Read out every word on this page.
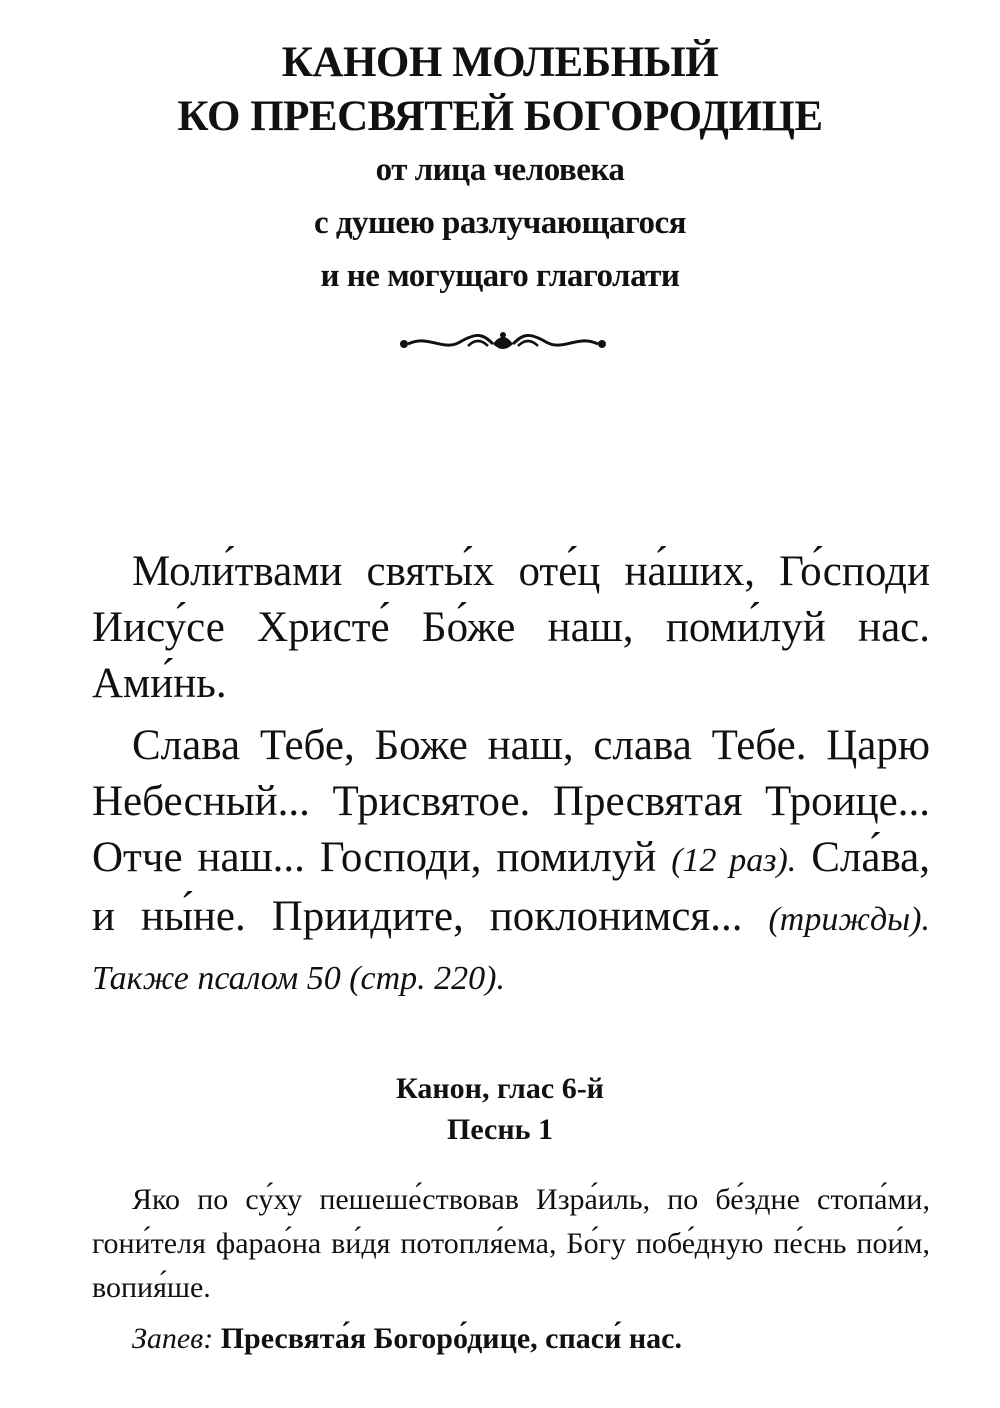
КАНОН МОЛЕБНЫЙ
КО ПРЕСВЯТЕЙ БОГОРОДИЦЕ
от лица человека
с душею разлучающагося
и не могущаго глаголати
Моли́твами святы́х оте́ц на́ших, Го́споди Иису́се Христе́ Бо́же наш, поми́луй нас. Ами́нь.
Слава Тебе, Боже наш, слава Тебе. Царю Небесный... Трисвятое. Пресвятая Троице... Отче наш... Господи, помилуй (12 раз). Сла́ва, и ны́не. Приидите, поклонимся... (трижды). Также псалом 50 (стр. 220).
Канон, глас 6-й
Песнь 1
Яко по су́ху пешеше́ствовав Изра́иль, по бе́здне стопа́ми, гони́теля фарао́на ви́дя потопля́ема, Бо́гу побе́дную пе́снь пои́м, вопия́ше.
Запев: Пресвята́я Богоро́дице, спаси́ нас.
